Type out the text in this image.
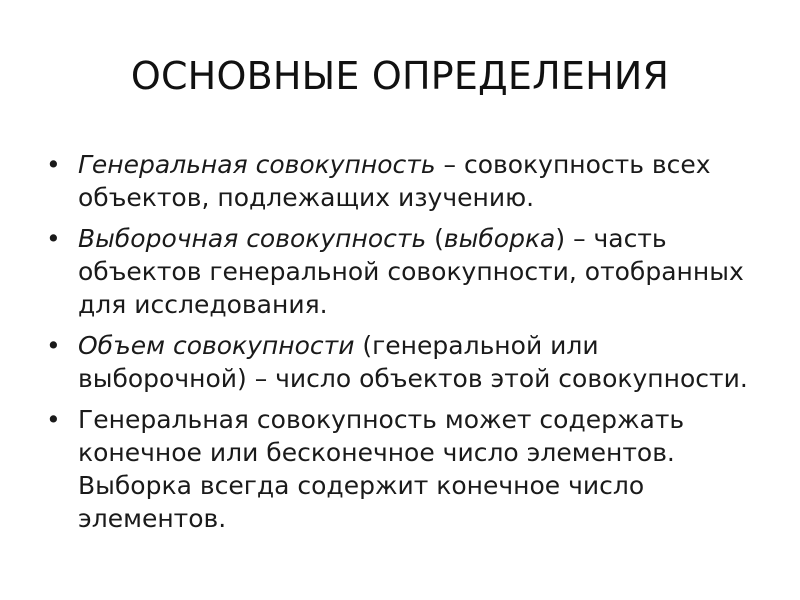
ОСНОВНЫЕ ОПРЕДЕЛЕНИЯ
• Генеральная совокупность – совокупность всех объектов, подлежащих изучению.
• Выборочная совокупность (выборка) – часть объектов генеральной совокупности, отобранных для исследования.
• Объем совокупности (генеральной или выборочной) – число объектов этой совокупности.
• Генеральная совокупность может содержать конечное или бесконечное число элементов. Выборка всегда содержит конечное число элементов.
